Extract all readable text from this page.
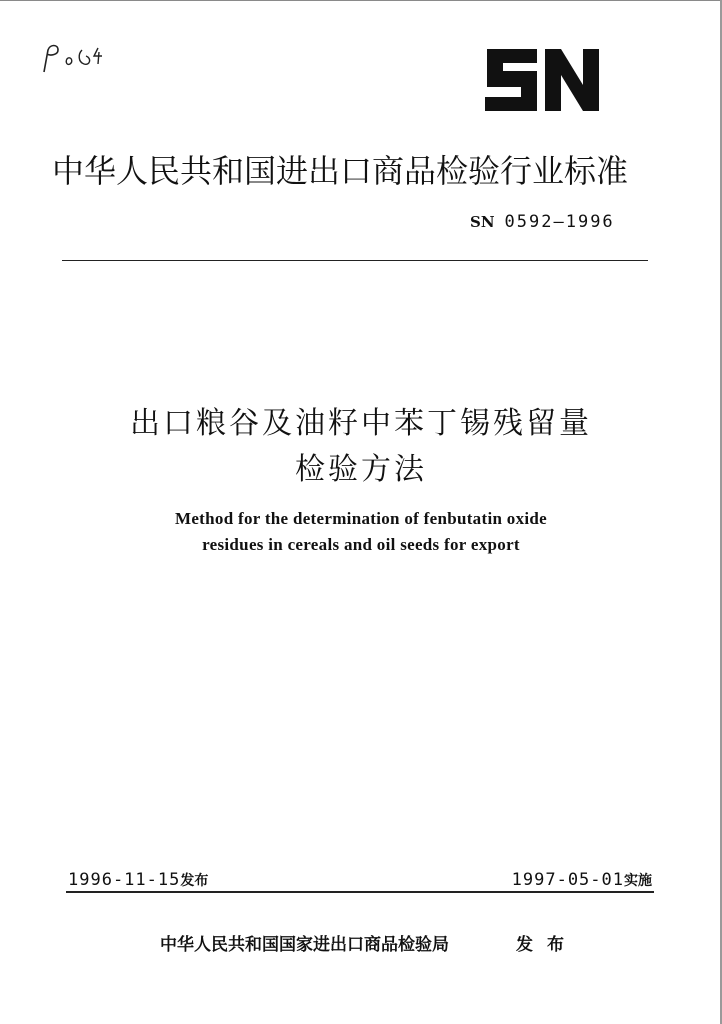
中华人民共和国进出口商品检验行业标准
SN 0592—1996
出口粮谷及油籽中苯丁锡残留量
检验方法
Method for the determination of fenbutatin oxide
residues in cereals and oil seeds for export
1996-11-15发布	1997-05-01实施
中华人民共和国国家进出口商品检验局	发布
